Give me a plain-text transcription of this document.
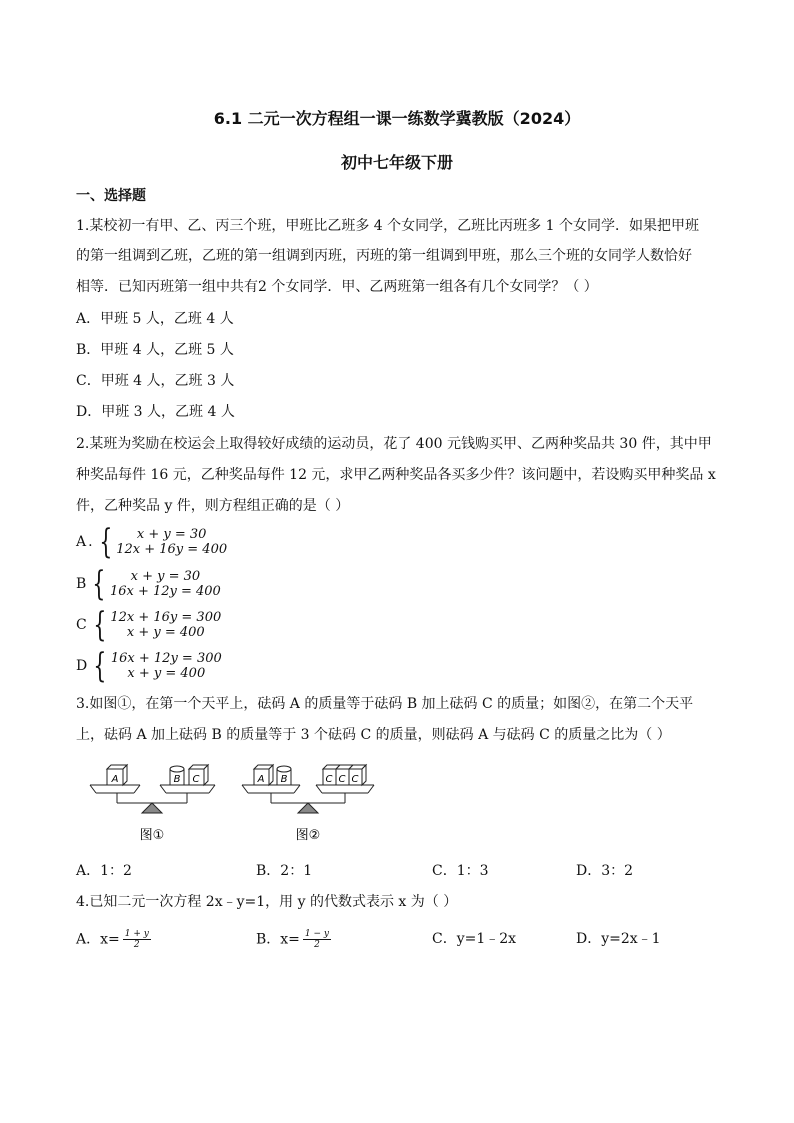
6.1 二元一次方程组一课一练数学冀教版（2024）
初中七年级下册
一、选择题
1.某校初一有甲、乙、丙三个班，甲班比乙班多 4 个女同学，乙班比丙班多 1 个女同学．如果把甲班
的第一组调到乙班，乙班的第一组调到丙班，丙班的第一组调到甲班，那么三个班的女同学人数恰好
相等．已知丙班第一组中共有2 个女同学．甲、乙两班第一组各有几个女同学？（ ）
A．甲班 5 人，乙班 4 人
B．甲班 4 人，乙班 5 人
C．甲班 4 人，乙班 3 人
D．甲班 3 人，乙班 4 人
2.某班为奖励在校运会上取得较好成绩的运动员，花了 400 元钱购买甲、乙两种奖品共 30 件，其中甲
种奖品每件 16 元，乙种奖品每件 12 元，求甲乙两种奖品各买多少件？该问题中，若设购买甲种奖品 x
件，乙种奖品 y 件，则方程组正确的是（ ）
A . {	x + y = 30
12x + 16y = 400
B {	x + y = 30
16x + 12y = 400
C { 12x + 16y = 300
x + y = 400
D { 16x + 12y = 300
x + y = 400
3.如图①，在第一个天平上，砝码 A 的质量等于砝码 B 加上砝码 C 的质量；如图②，在第二个天平
上，砝码 A 加上砝码 B 的质量等于 3 个砝码 C 的质量，则砝码 A 与砝码 C 的质量之比为（ ）
A	B C
图①
A B	C C C
图②
A．1：2	B．2：1	C．1：3	D．3：2
4.已知二元一次方程 2x﹣y=1，用 y 的代数式表示 x 为（ ）
A．$x= \frac{1 + y}{2}$	B．$x= \frac{1 - y}{2}$	C．y=1﹣2x	D．y=2x﹣1
